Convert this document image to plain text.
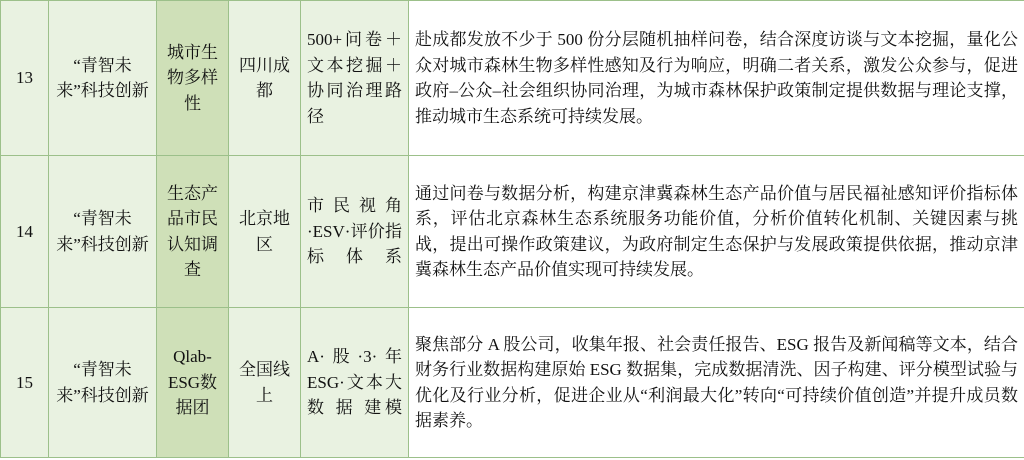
13	“青智未来”科技创新	城市生物多样性	四川成都	500+问卷＋文本挖掘＋协同治理路径	赴成都发放不少于 500 份分层随机抽样问卷，结合深度访谈与文本挖掘，量化公众对城市森林生物多样性感知及行为响应，明确二者关系，激发公众参与，促进政府–公众–社会组织协同治理，为城市森林保护政策制定提供数据与理论支撑，推动城市生态系统可持续发展。
14	“青智未来”科技创新	生态产品市民认知调查	北京地区	市民视角·ESV·评价指标体系	通过问卷与数据分析，构建京津冀森林生态产品价值与居民福祉感知评价指标体系，评估北京森林生态系统服务功能价值，分析价值转化机制、关键因素与挑战，提出可操作政策建议，为政府制定生态保护与发展政策提供依据，推动京津冀森林生态产品价值实现可持续发展。
15	“青智未来”科技创新	Qlab-ESG数据团	全国线上	A·股·3·年 ESG·文本大 数 据 建模	聚焦部分 A 股公司，收集年报、社会责任报告、ESG 报告及新闻稿等文本，结合财务行业数据构建原始 ESG 数据集，完成数据清洗、因子构建、评分模型试验与优化及行业分析，促进企业从“利润最大化”转向“可持续价值创造”并提升成员数据素养。
